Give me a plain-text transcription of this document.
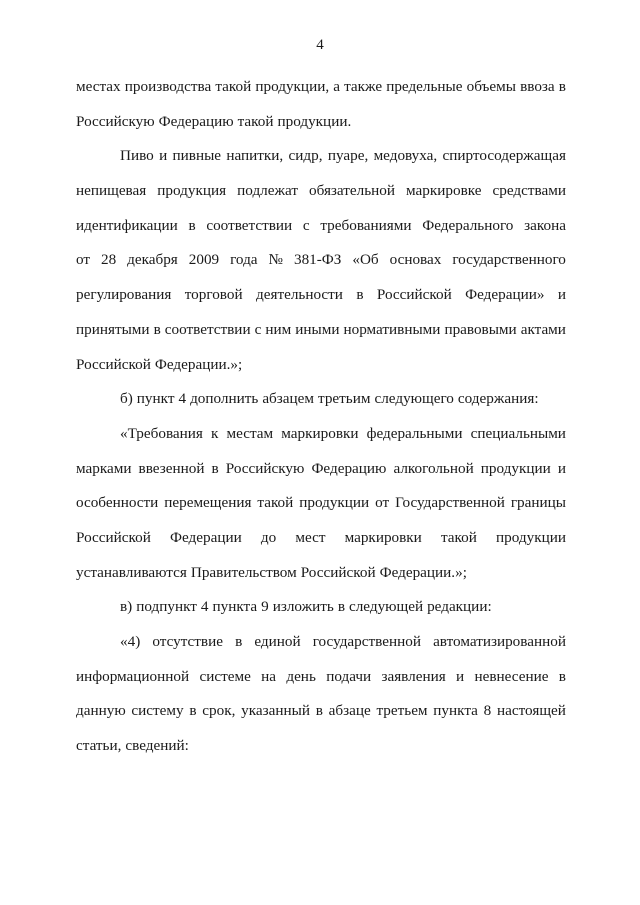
4
местах производства такой продукции, а также предельные объемы ввоза в
Российскую Федерацию такой продукции.
Пиво и пивные напитки, сидр, пуаре, медовуха, спиртосодержащая
непищевая продукция подлежат обязательной маркировке средствами
идентификации в соответствии с требованиями Федерального закона
от 28 декабря 2009 года № 381-ФЗ «Об основах государственного
регулирования торговой деятельности в Российской Федерации» и
принятыми в соответствии с ним иными нормативными правовыми актами
Российской Федерации.»;
б) пункт 4 дополнить абзацем третьим следующего содержания:
«Требования к местам маркировки федеральными специальными
марками ввезенной в Российскую Федерацию алкогольной продукции и
особенности перемещения такой продукции от Государственной границы
Российской Федерации до мест маркировки такой продукции
устанавливаются Правительством Российской Федерации.»;
в) подпункт 4 пункта 9 изложить в следующей редакции:
«4) отсутствие в единой государственной автоматизированной
информационной системе на день подачи заявления и невнесение в
данную систему в срок, указанный в абзаце третьем пункта 8 настоящей
статьи, сведений:
